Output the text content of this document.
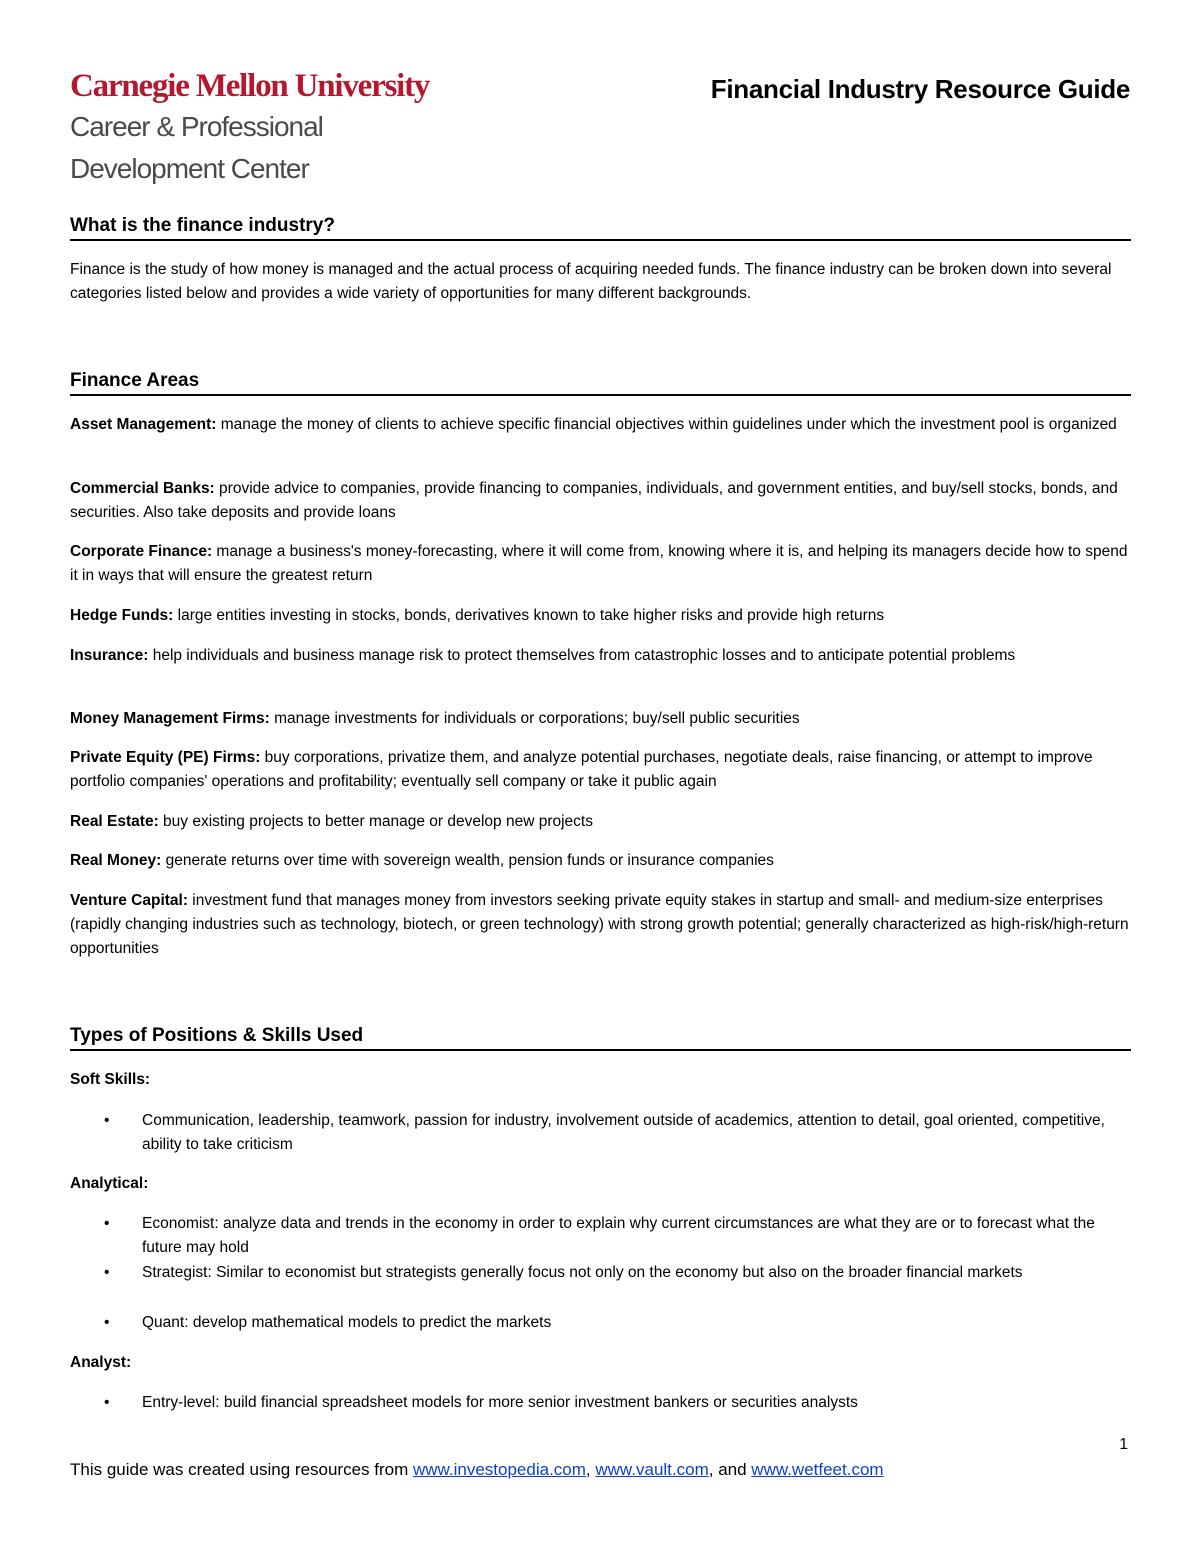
Carnegie Mellon University
Career & Professional
Development Center
Financial Industry Resource Guide
What is the finance industry?
Finance is the study of how money is managed and the actual process of acquiring needed funds. The finance industry can be broken down into several categories listed below and provides a wide variety of opportunities for many different backgrounds.
Finance Areas
Asset Management: manage the money of clients to achieve specific financial objectives within guidelines under which the investment pool is organized
Commercial Banks: provide advice to companies, provide financing to companies, individuals, and government entities, and buy/sell stocks, bonds, and securities. Also take deposits and provide loans
Corporate Finance: manage a business's money-forecasting, where it will come from, knowing where it is, and helping its managers decide how to spend it in ways that will ensure the greatest return
Hedge Funds: large entities investing in stocks, bonds, derivatives known to take higher risks and provide high returns
Insurance: help individuals and business manage risk to protect themselves from catastrophic losses and to anticipate potential problems
Money Management Firms: manage investments for individuals or corporations; buy/sell public securities
Private Equity (PE) Firms: buy corporations, privatize them, and analyze potential purchases, negotiate deals, raise financing, or attempt to improve portfolio companies' operations and profitability; eventually sell company or take it public again
Real Estate: buy existing projects to better manage or develop new projects
Real Money: generate returns over time with sovereign wealth, pension funds or insurance companies
Venture Capital: investment fund that manages money from investors seeking private equity stakes in startup and small- and medium-size enterprises (rapidly changing industries such as technology, biotech, or green technology) with strong growth potential; generally characterized as high-risk/high-return opportunities
Types of Positions & Skills Used
Soft Skills:
•	Communication, leadership, teamwork, passion for industry, involvement outside of academics, attention to detail, goal oriented, competitive, ability to take criticism
Analytical:
•	Economist: analyze data and trends in the economy in order to explain why current circumstances are what they are or to forecast what the future may hold
•	Strategist: Similar to economist but strategists generally focus not only on the economy but also on the broader financial markets
•	Quant: develop mathematical models to predict the markets
Analyst:
•	Entry-level: build financial spreadsheet models for more senior investment bankers or securities analysts
1
This guide was created using resources from www.investopedia.com, www.vault.com, and www.wetfeet.com
